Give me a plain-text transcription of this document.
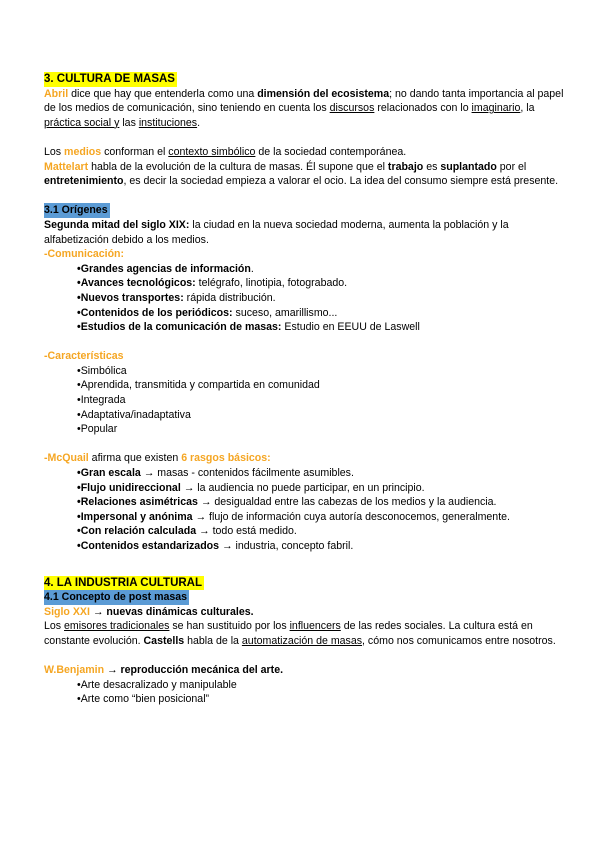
3. CULTURA DE MASAS

Abril dice que hay que entenderla como una dimensión del ecosistema; no dando tanta importancia al papel de los medios de comunicación, sino teniendo en cuenta los discursos relacionados con lo imaginario, la práctica social y las instituciones.

Los medios conforman el contexto simbólico de la sociedad contemporánea.

Mattelart habla de la evolución de la cultura de masas. Él supone que el trabajo es suplantado por el entretenimiento, es decir la sociedad empieza a valorar el ocio. La idea del consumo siempre está presente.

3.1 Orígenes

Segunda mitad del siglo XIX: la ciudad en la nueva sociedad moderna, aumenta la población y la alfabetización debido a los medios.

-Comunicación:

•Grandes agencias de información.

•Avances tecnológicos: telégrafo, linotipia, fotograbado.

•Nuevos transportes: rápida distribución.

•Contenidos de los periódicos: suceso, amarillismo...

•Estudios de la comunicación de masas: Estudio en EEUU de Laswell

-Características

•Simbólica

•Aprendida, transmitida y compartida en comunidad

•Integrada

•Adaptativa/inadaptativa

•Popular

-McQuail afirma que existen 6 rasgos básicos:

•Gran escala → masas - contenidos fácilmente asumibles.

•Flujo unidireccional → la audiencia no puede participar, en un principio.

•Relaciones asimétricas → desigualdad entre las cabezas de los medios y la audiencia.

•Impersonal y anónima → flujo de información cuya autoría desconocemos, generalmente.

•Con relación calculada → todo está medido.

•Contenidos estandarizados → industria, concepto fabril.

4. LA INDUSTRIA CULTURAL

4.1 Concepto de post masas

Siglo XXI → nuevas dinámicas culturales.

Los emisores tradicionales se han sustituido por los influencers de las redes sociales. La cultura está en constante evolución. Castells habla de la automatización de masas, cómo nos comunicamos entre nosotros.

W.Benjamin → reproducción mecánica del arte.

•Arte desacralizado y manipulable

•Arte como “bien posicional”
